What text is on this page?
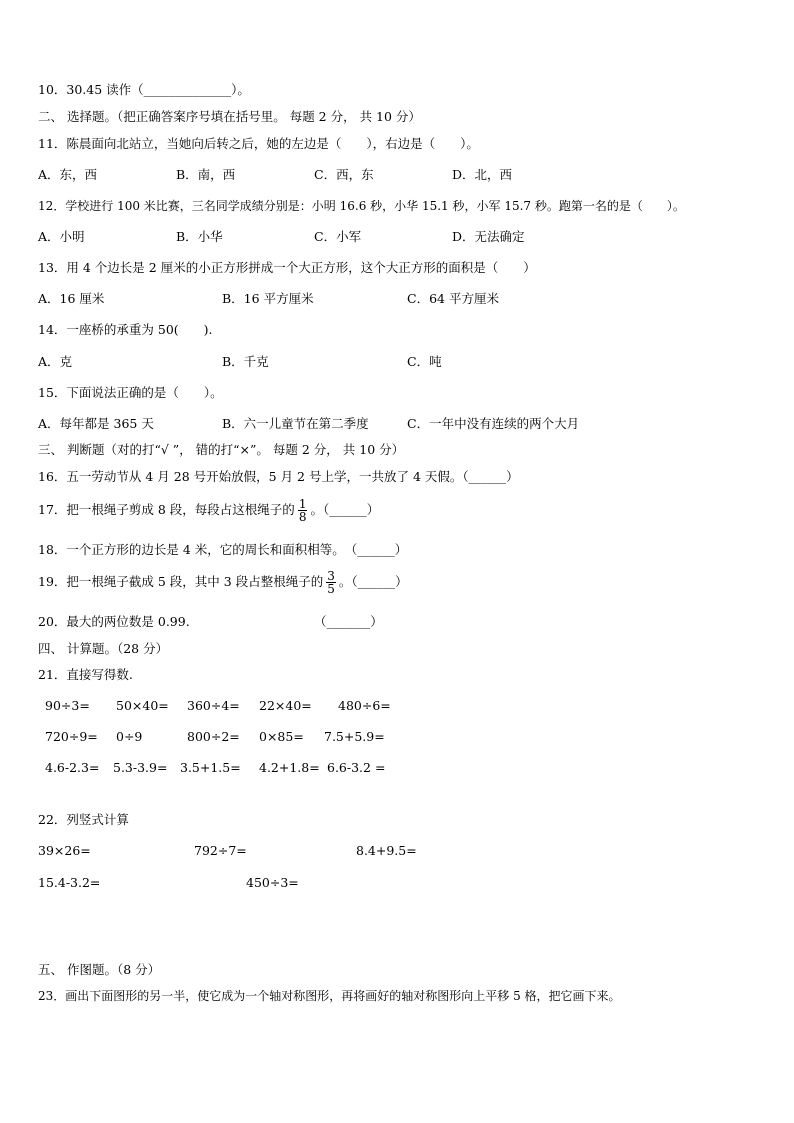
10．30.45 读作（______________）。
二、 选择题。（把正确答案序号填在括号里。 每题 2 分， 共 10 分）
11．陈晨面向北站立，当她向后转之后，她的左边是（　　），右边是（　　）。
A．东，西	B．南，西	C．西，东	D．北，西
12．学校进行 100 米比赛，三名同学成绩分别是：小明 16.6 秒，小华 15.1 秒，小军 15.7 秒。跑第一名的是（　　）。
A．小明	B．小华	C．小军	D．无法确定
13．用 4 个边长是 2 厘米的小正方形拼成一个大正方形，这个大正方形的面积是（　　）
A．16 厘米	B．16 平方厘米	C．64 平方厘米
14．一座桥的承重为 50(　　).
A．克	B．千克	C．吨
15．下面说法正确的是（　　）。
A．每年都是 365 天	B．六一儿童节在第二季度	C．一年中没有连续的两个大月
三、 判断题（对的打“√ ”， 错的打“×”。 每题 2 分， 共 10 分）
16．五一劳动节从 4 月 28 号开始放假，5 月 2 号上学，一共放了 4 天假。（______）
17．把一根绳子剪成 8 段，每段占这根绳子的 $\frac{1}{8}$ 。（______）
18．一个正方形的边长是 4 米，它的周长和面积相等。　（______）
19．把一根绳子截成 5 段，其中 3 段占整根绳子的 $\frac{3}{5}$ 。（______）
20．最大的两位数是 0.99.	（_______）
四、 计算题。（28 分）
21．直接写得数.
90÷3= 50×40= 360÷4= 22×40= 480÷6=
720÷9= 0÷9	800÷2= 0×85= 7.5+5.9=
4.6-2.3= 5.3-3.9= 3.5+1.5= 4.2+1.8= 6.6-3.2 =
22．列竖式计算
39×26=	792÷7=	8.4+9.5=
15.4-3.2=	450÷3=
五、 作图题。（8 分）
23．画出下面图形的另一半，使它成为一个轴对称图形，再将画好的轴对称图形向上平移 5 格，把它画下来。
